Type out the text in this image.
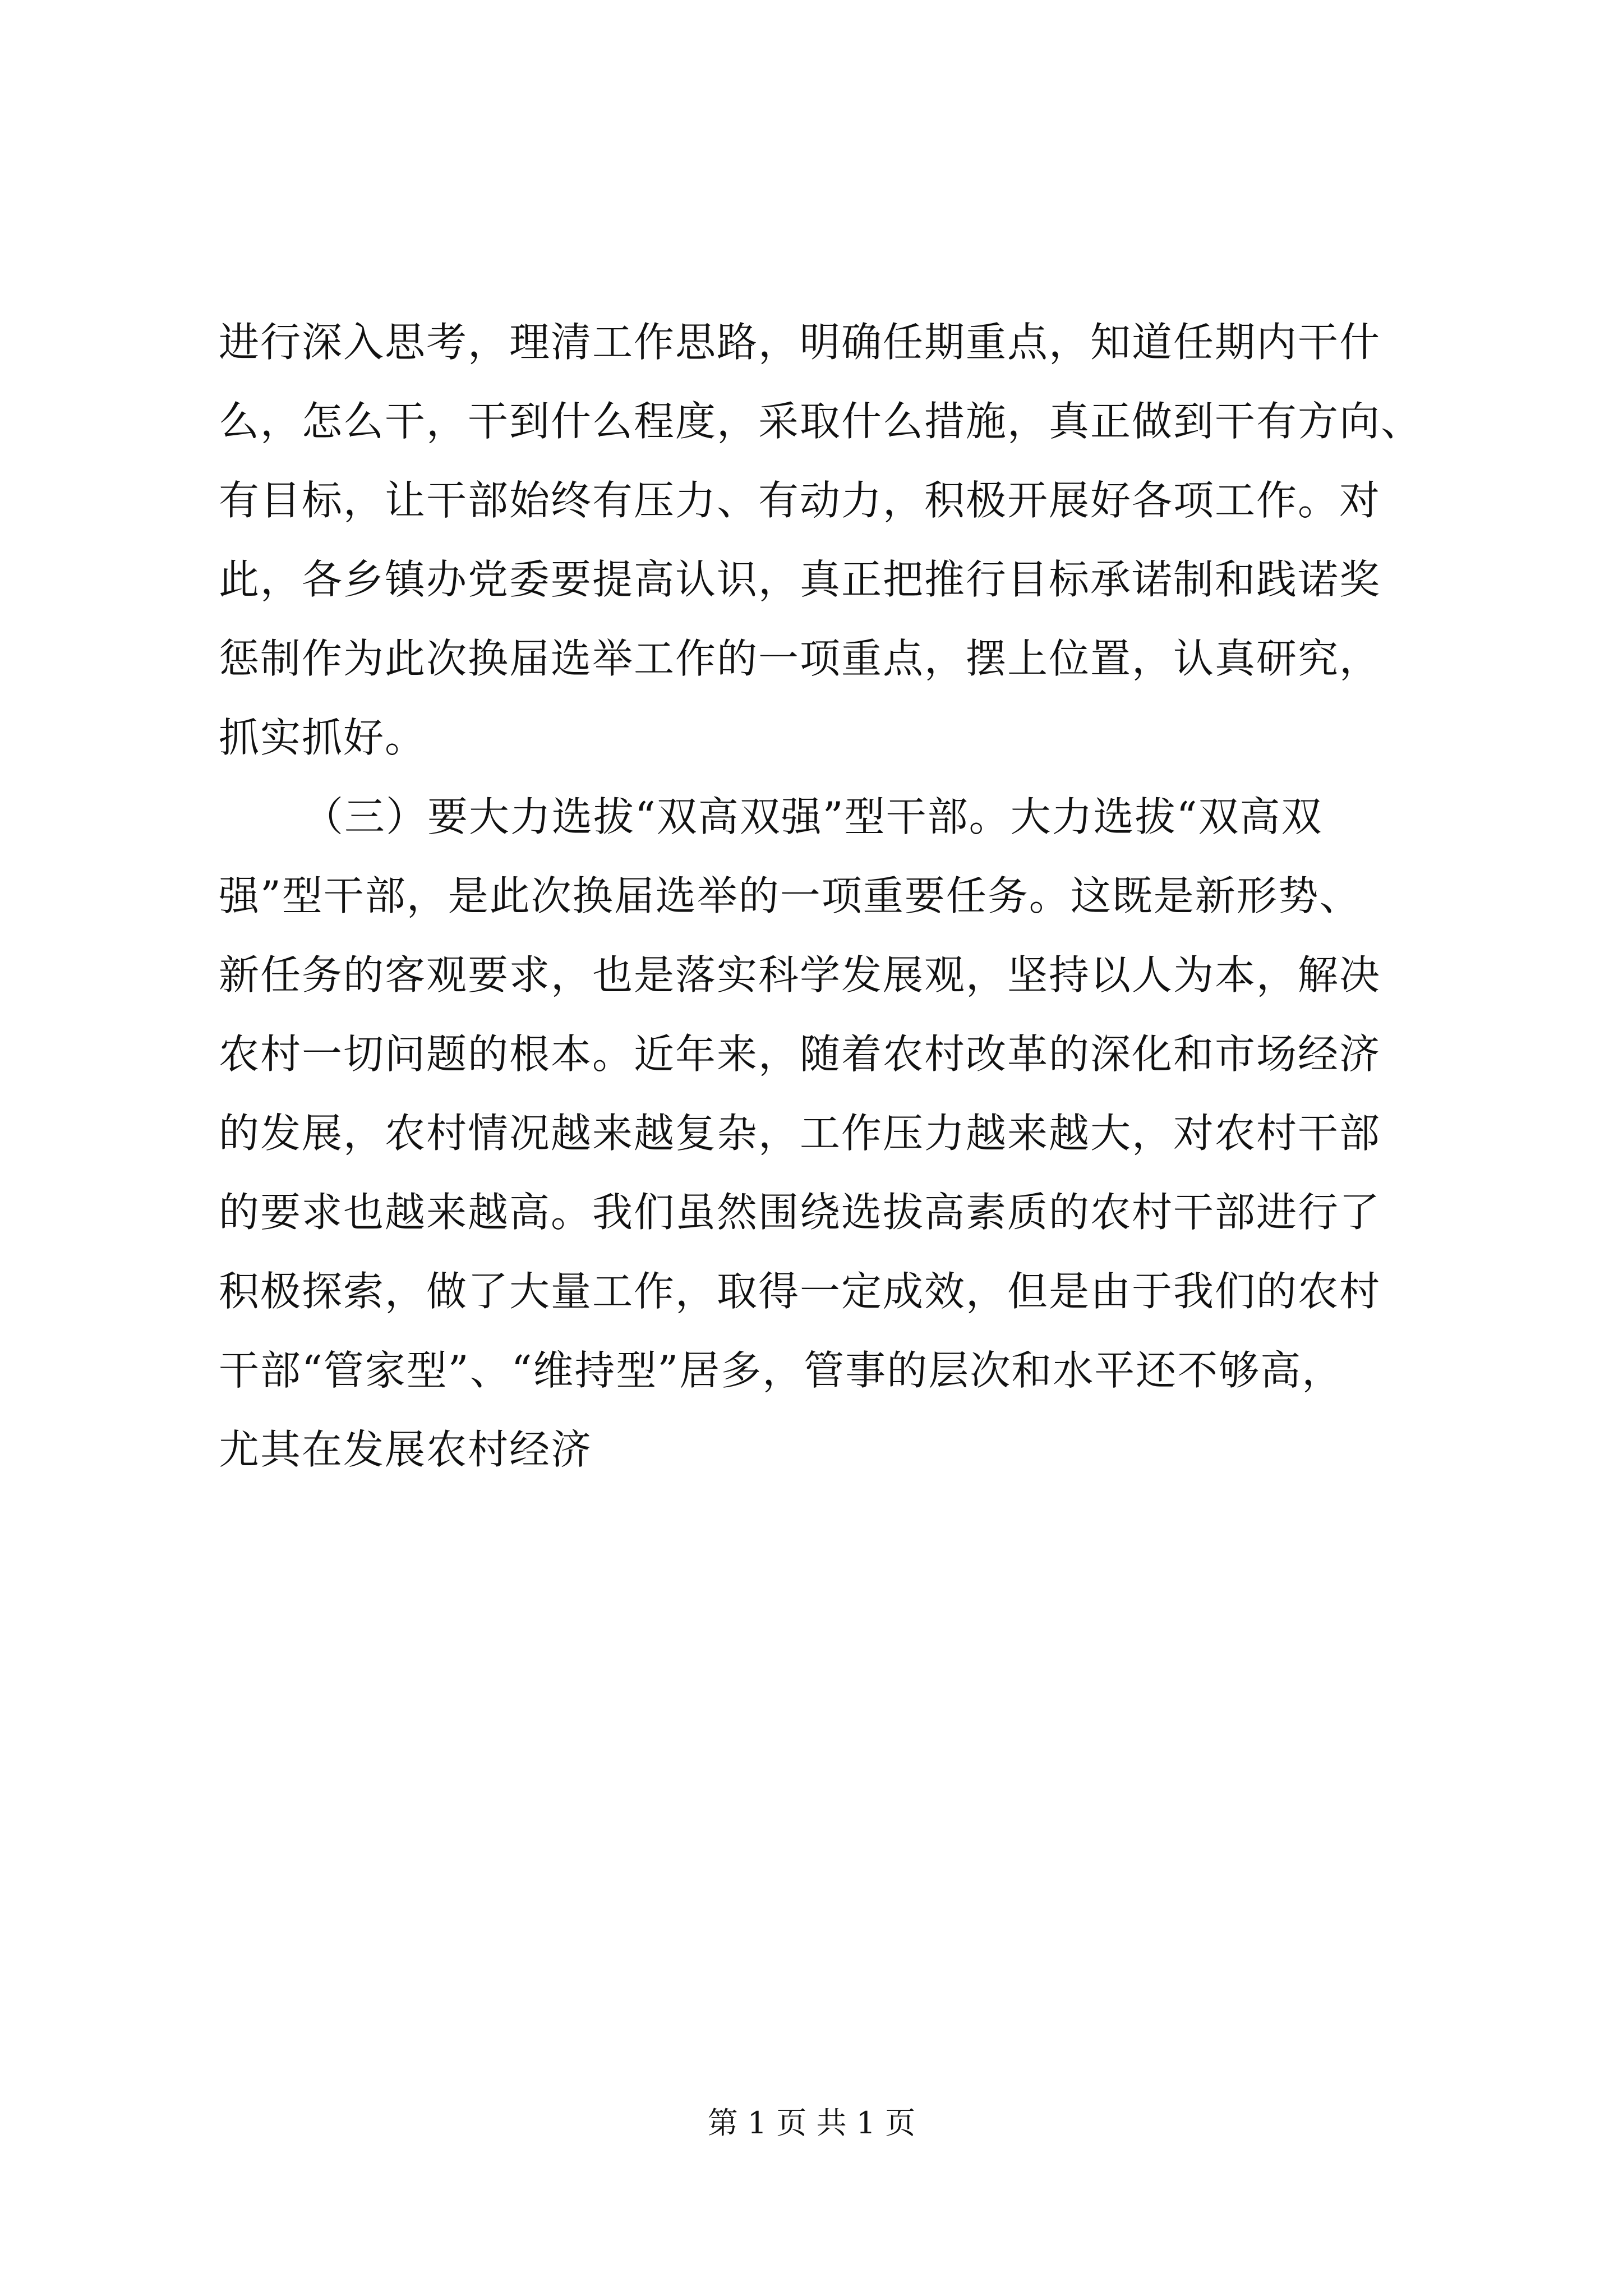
进行深入思考，理清工作思路，明确任期重点，知道任期内干什
么，怎么干，干到什么程度，采取什么措施，真正做到干有方向、
有目标，让干部始终有压力、有动力，积极开展好各项工作。对
此，各乡镇办党委要提高认识，真正把推行目标承诺制和践诺奖
惩制作为此次换届选举工作的一项重点，摆上位置，认真研究，
抓实抓好。
（三）要大力选拔“双高双强”型干部。大力选拔“双高双
强”型干部，是此次换届选举的一项重要任务。这既是新形势、
新任务的客观要求，也是落实科学发展观，坚持以人为本，解决
农村一切问题的根本。近年来，随着农村改革的深化和市场经济
的发展，农村情况越来越复杂，工作压力越来越大，对农村干部
的要求也越来越高。我们虽然围绕选拔高素质的农村干部进行了
积极探索，做了大量工作，取得一定成效，但是由于我们的农村
干部“管家型”、“维持型”居多，管事的层次和水平还不够高，
尤其在发展农村经济
第 1 页 共 1 页
